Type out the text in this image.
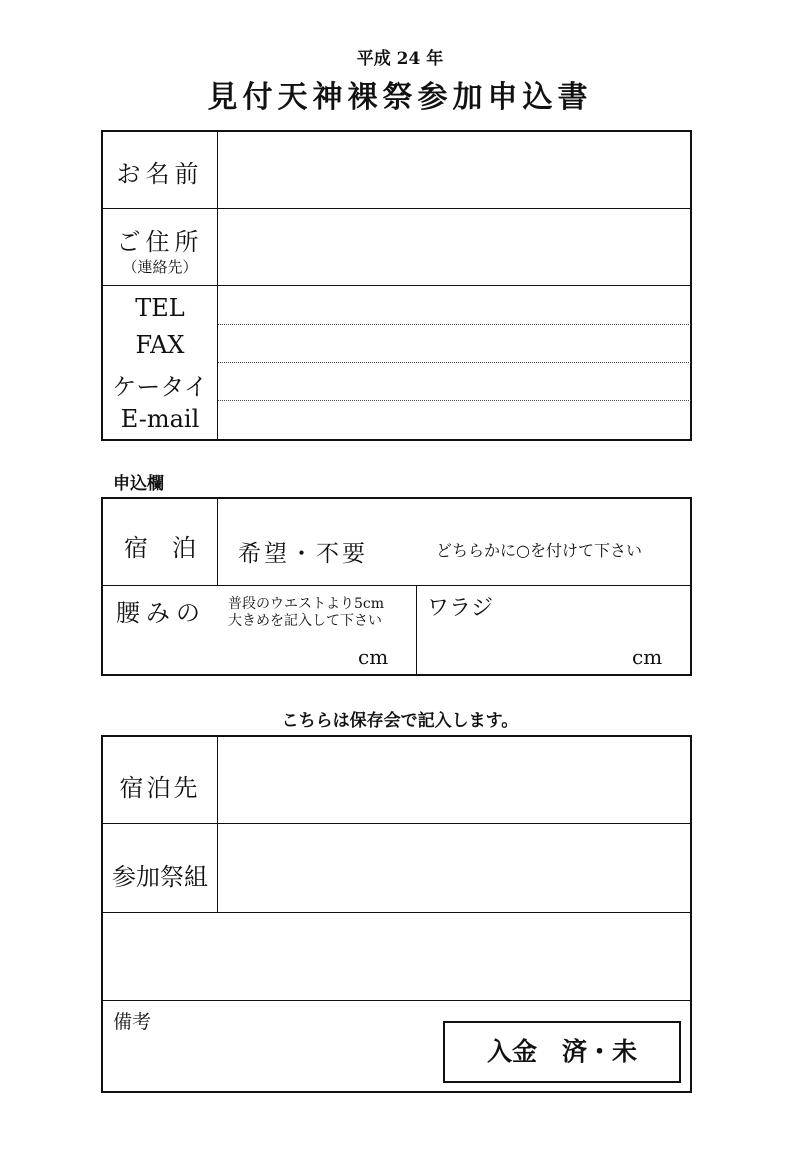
平成 24 年
見付天神裸祭参加申込書
お名前
ご住所
（連絡先）
TEL
FAX
ケータイ
E-mail
申込欄
宿　泊	希望・不要	どちらかに○を付けて下さい
腰みの 普段のウエストより5cm
大きめを記入して下さい
cm
ワラジ
cm
こちらは保存会で記入します。
宿泊先
参加祭組
備考
入金　済・未
